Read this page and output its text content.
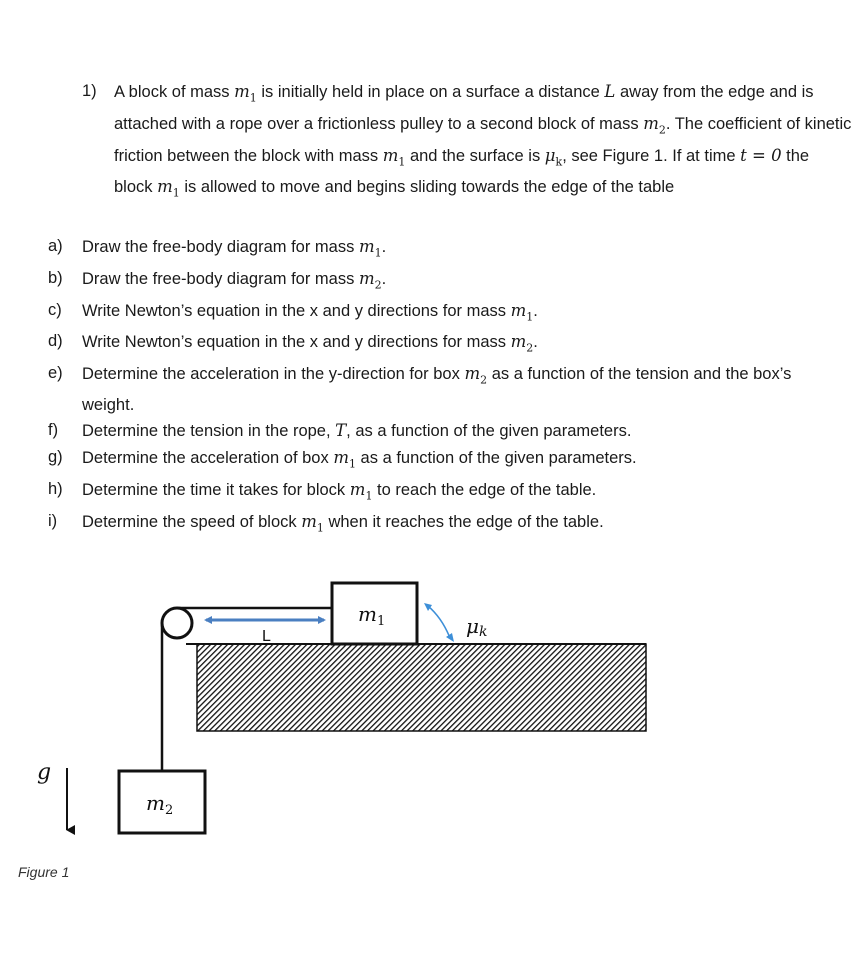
1) A block of mass $m_1$ is initially held in place on a surface a distance L away from the edge and is attached with a rope over a frictionless pulley to a second block of mass $m_2$. The coefficient of kinetic friction between the block with mass $m_1$ and the surface is $\mu_k$, see Figure 1. If at time t = 0 the block $m_1$ is allowed to move and begins sliding towards the edge of the table
a) Draw the free-body diagram for mass $m_1$.
b) Draw the free-body diagram for mass $m_2$.
c) Write Newton’s equation in the x and y directions for mass $m_1$.
d) Write Newton’s equation in the x and y directions for mass $m_2$.
e) Determine the acceleration in the y-direction for box $m_2$ as a function of the tension and the box’s weight.
f) Determine the tension in the rope, T, as a function of the given parameters.
g) Determine the acceleration of box $m_1$ as a function of the given parameters.
h) Determine the time it takes for block $m_1$ to reach the edge of the table.
i) Determine the speed of block $m_1$ when it reaches the edge of the table.
L
$m_1$	μk
$m_2$
g
Figure 1
